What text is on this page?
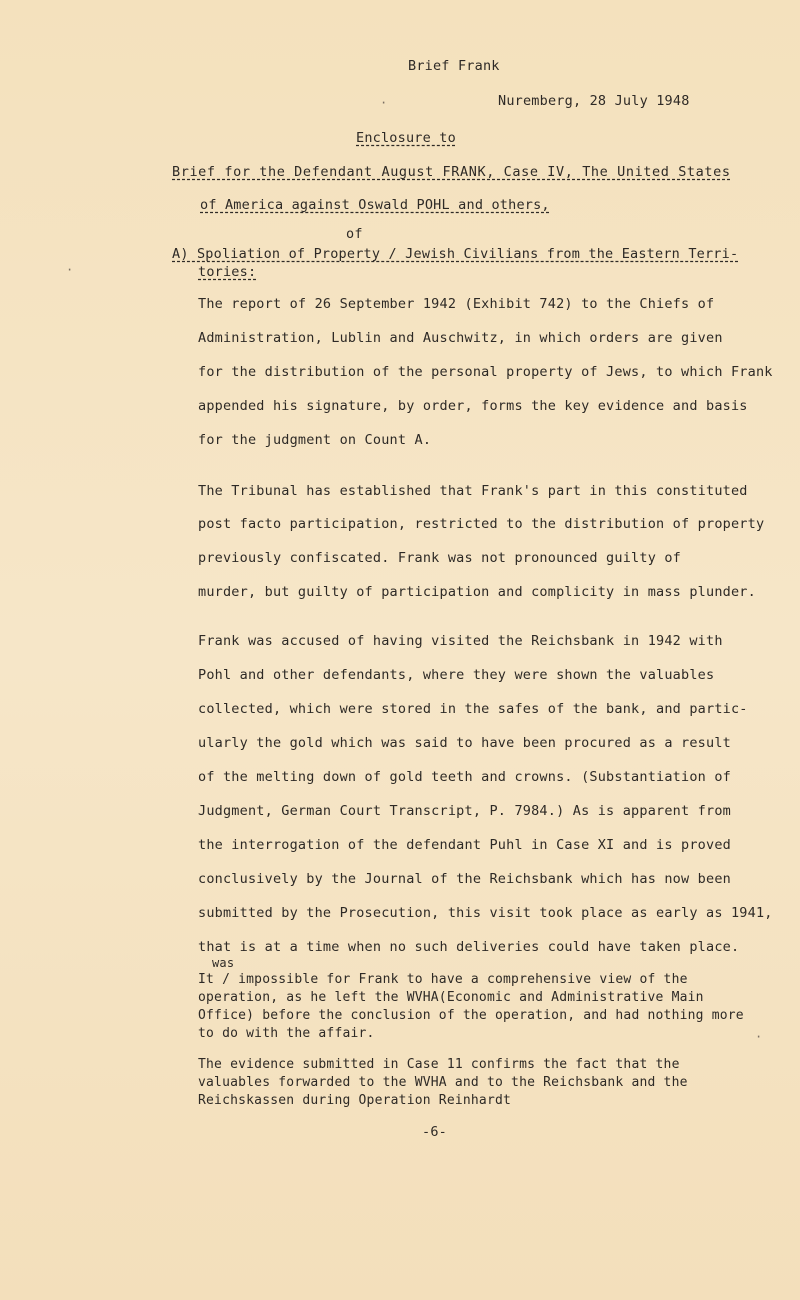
Brief Frank
Nuremberg, 28 July 1948
Enclosure to
Brief for the Defendant August FRANK, Case IV, The United States
of America against Oswald POHL and others,
of
A) Spoliation of Property / Jewish Civilians from the Eastern Terri-
tories:
The report of 26 September 1942 (Exhibit 742) to the Chiefs of
Administration, Lublin and Auschwitz, in which orders are given
for the distribution of the personal property of Jews, to which Frank
appended his signature, by order, forms the key evidence and basis
for the judgment on Count A.
The Tribunal has established that Frank's part in this constituted
post facto participation, restricted to the distribution of property
previously confiscated. Frank was not pronounced guilty of
murder, but guilty of participation and complicity in mass plunder.
Frank was accused of having visited the Reichsbank in 1942 with
Pohl and other defendants, where they were shown the valuables
collected, which were stored in the safes of the bank, and partic-
ularly the gold which was said to have been procured as a result
of the melting down of gold teeth and crowns. (Substantiation of
Judgment, German Court Transcript, P. 7984.) As is apparent from
the interrogation of the defendant Puhl in Case XI and is proved
conclusively by the Journal of the Reichsbank which has now been
submitted by the Prosecution, this visit took place as early as 1941,
that is at a time when no such deliveries could have taken place.
was
It / impossible for Frank to have a comprehensive view of the
operation, as he left the WVHA(Economic and Administrative Main
Office) before the conclusion of the operation, and had nothing more
to do with the affair.
The evidence submitted in Case 11 confirms the fact that the
valuables forwarded to the WVHA and to the Reichsbank and the
Reichskassen during Operation Reinhardt
-6-
·
·
·
